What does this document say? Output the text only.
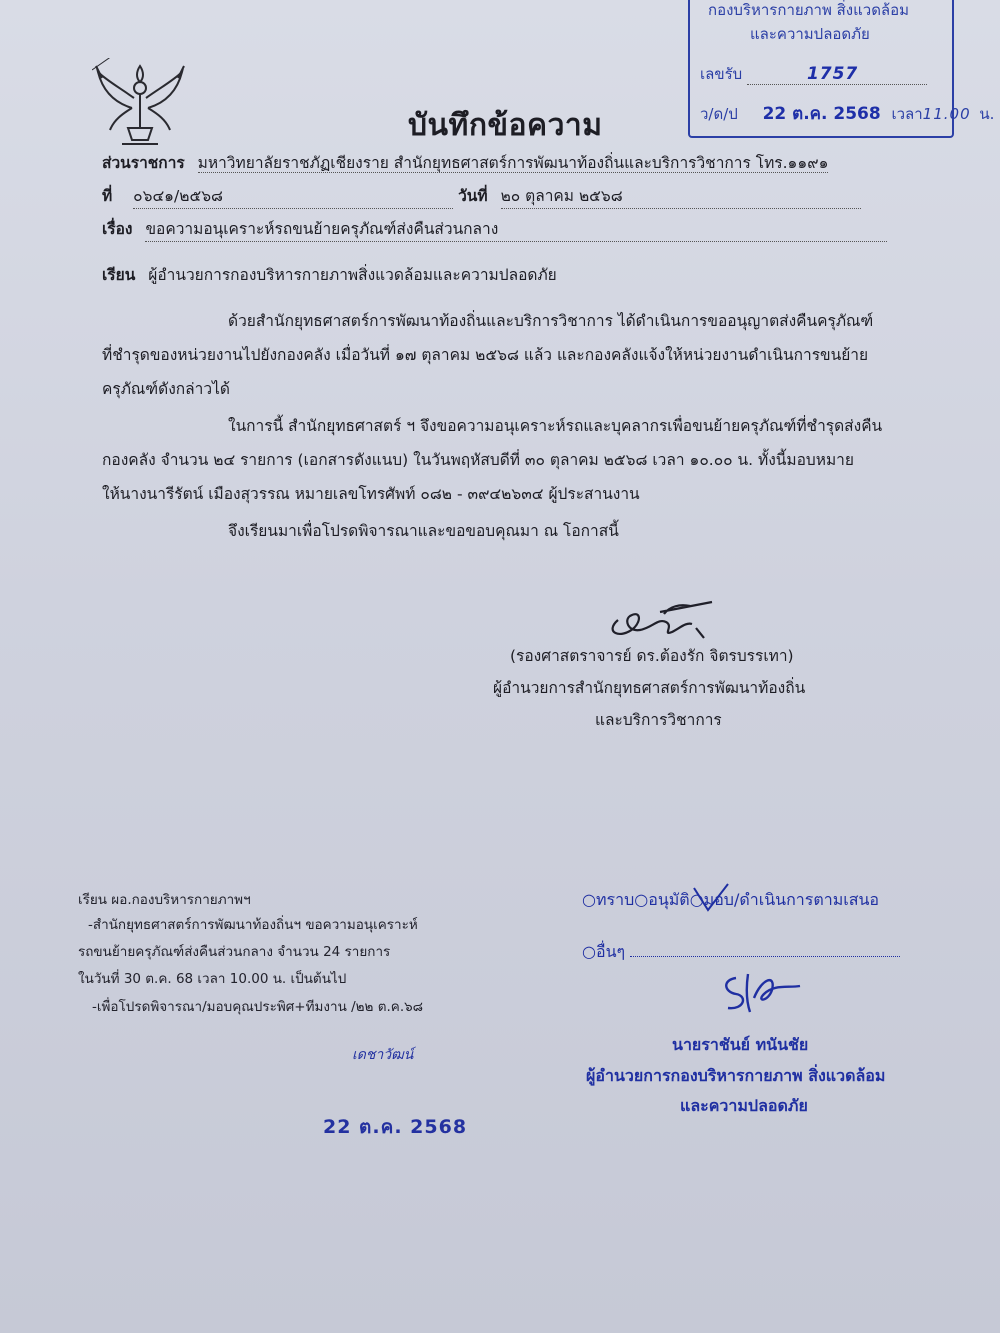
บันทึกข้อความ
กองบริหารกายภาพ สิ่งแวดล้อม
และความปลอดภัย
เลขรับ	1757
ว/ด/ป 22 ต.ค. 2568 เวลา11.00 น.
ส่วนราชการ มหาวิทยาลัยราชภัฏเชียงราย สำนักยุทธศาสตร์การพัฒนาท้องถิ่นและบริการวิชาการ โทร.๑๑๙๑
ที่ ๐๖๔๑/๒๕๖๘	วันที่ ๒๐ ตุลาคม ๒๕๖๘
เรื่อง ขอความอนุเคราะห์รถขนย้ายครุภัณฑ์ส่งคืนส่วนกลาง
เรียน ผู้อำนวยการกองบริหารกายภาพสิ่งแวดล้อมและความปลอดภัย
ด้วยสำนักยุทธศาสตร์การพัฒนาท้องถิ่นและบริการวิชาการ ได้ดำเนินการขออนุญาตส่งคืนครุภัณฑ์
ที่ชำรุดของหน่วยงานไปยังกองคลัง เมื่อวันที่ ๑๗ ตุลาคม ๒๕๖๘ แล้ว และกองคลังแจ้งให้หน่วยงานดำเนินการขนย้าย
ครุภัณฑ์ดังกล่าวได้
ในการนี้ สำนักยุทธศาสตร์ ฯ จึงขอความอนุเคราะห์รถและบุคลากรเพื่อขนย้ายครุภัณฑ์ที่ชำรุดส่งคืน
กองคลัง จำนวน ๒๔ รายการ (เอกสารดังแนบ) ในวันพฤหัสบดีที่ ๓๐ ตุลาคม ๒๕๖๘ เวลา ๑๐.๐๐ น. ทั้งนี้มอบหมาย
ให้นางนารีรัตน์ เมืองสุวรรณ หมายเลขโทรศัพท์ ๐๘๒ - ๓๙๔๒๖๓๔ ผู้ประสานงาน
จึงเรียนมาเพื่อโปรดพิจารณาและขอขอบคุณมา ณ โอกาสนี้
(รองศาสตราจารย์ ดร.ต้องรัก จิตรบรรเทา)
ผู้อำนวยการสำนักยุทธศาสตร์การพัฒนาท้องถิ่น
และบริการวิชาการ
เรียน ผอ.กองบริหารกายภาพฯ
-สำนักยุทธศาสตร์การพัฒนาท้องถิ่นฯ ขอความอนุเคราะห์
รถขนย้ายครุภัณฑ์ส่งคืนส่วนกลาง จำนวน 24 รายการ
ในวันที่ 30 ต.ค. 68 เวลา 10.00 น. เป็นต้นไป
-เพื่อโปรดพิจารณา/มอบคุณประพิศ+ทีมงาน /๒๒ ต.ค.๖๘
เดชาวัฒน์
22 ต.ค. 2568
○ทราบ○อนุมัติ○มอบ/ดำเนินการตามเสนอ
○อื่นๆ
นายราชันย์ ทนันชัย
ผู้อำนวยการกองบริหารกายภาพ สิ่งแวดล้อม
และความปลอดภัย
